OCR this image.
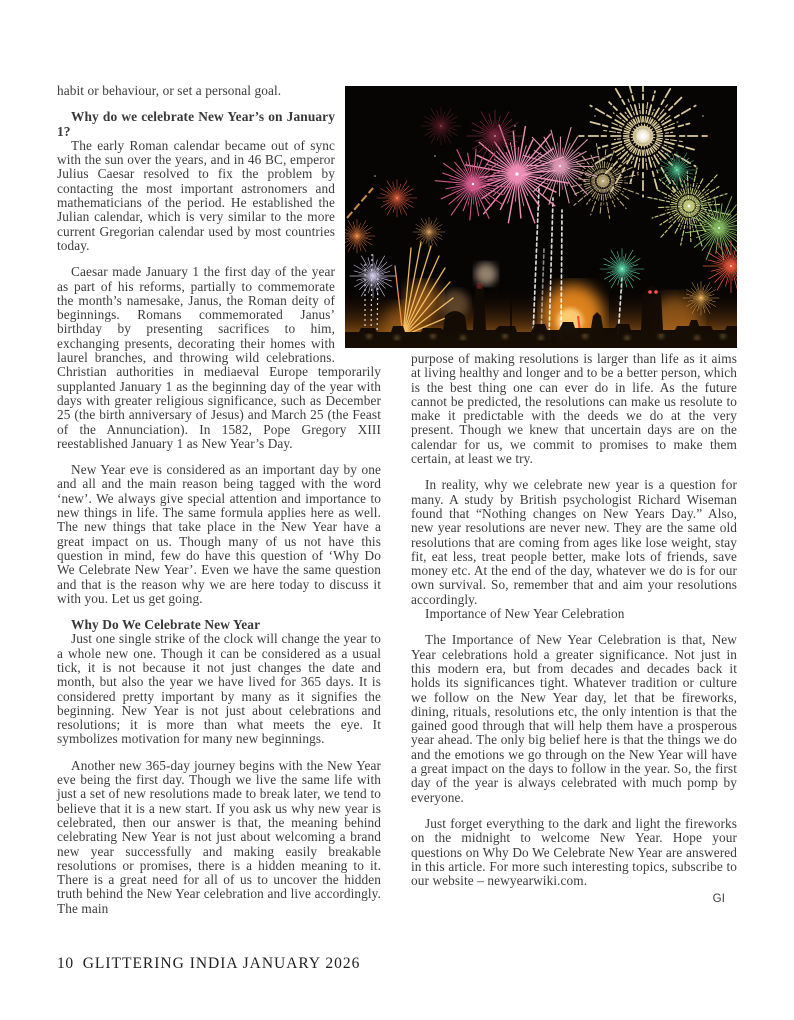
habit or behaviour, or set a personal goal.

Why do we celebrate New Year’s on January 1?

The early Roman calendar became out of sync with the sun over the years, and in 46 BC, emperor Julius Caesar resolved to fix the problem by contacting the most important astronomers and mathematicians of the period. He established the Julian calendar, which is very similar to the more current Gregorian calendar used by most countries today.

Caesar made January 1 the first day of the year as part of his reforms, partially to commemorate the month’s namesake, Janus, the Roman deity of beginnings. Romans commemorated Janus’ birthday by presenting sacrifices to him, exchanging presents, decorating their homes with laurel branches, and throwing wild celebrations. Christian authorities in mediaeval Europe temporarily supplanted January 1 as the beginning day of the year with days with greater religious significance, such as December 25 (the birth anniversary of Jesus) and March 25 (the Feast of the Annunciation). In 1582, Pope Gregory XIII reestablished January 1 as New Year’s Day.

New Year eve is considered as an important day by one and all and the main reason being tagged with the word ‘new’. We always give special attention and importance to new things in life. The same formula applies here as well. The new things that take place in the New Year have a great impact on us. Though many of us not have this question in mind, few do have this question of ‘Why Do We Celebrate New Year’. Even we have the same question and that is the reason why we are here today to discuss it with you. Let us get going.

Why Do We Celebrate New Year

Just one single strike of the clock will change the year to a whole new one. Though it can be considered as a usual tick, it is not because it not just changes the date and month, but also the year we have lived for 365 days. It is considered pretty important by many as it signifies the beginning. New Year is not just about celebrations and resolutions; it is more than what meets the eye. It symbolizes motivation for many new beginnings.

Another new 365-day journey begins with the New Year eve being the first day. Though we live the same life with just a set of new resolutions made to break later, we tend to believe that it is a new start. If you ask us why new year is celebrated, then our answer is that, the meaning behind celebrating New Year is not just about welcoming a brand new year successfully and making easily breakable resolutions or promises, there is a hidden meaning to it. There is a great need for all of us to uncover the hidden truth behind the New Year celebration and live accordingly. The main

purpose of making resolutions is larger than life as it aims at living healthy and longer and to be a better person, which is the best thing one can ever do in life. As the future cannot be predicted, the resolutions can make us resolute to make it predictable with the deeds we do at the very present. Though we knew that uncertain days are on the calendar for us, we commit to promises to make them certain, at least we try.

In reality, why we celebrate new year is a question for many. A study by British psychologist Richard Wiseman found that “Nothing changes on New Years Day.” Also, new year resolutions are never new. They are the same old resolutions that are coming from ages like lose weight, stay fit, eat less, treat people better, make lots of friends, save money etc. At the end of the day, whatever we do is for our own survival. So, remember that and aim your resolutions accordingly.

Importance of New Year Celebration

The Importance of New Year Celebration is that, New Year celebrations hold a greater significance. Not just in this modern era, but from decades and decades back it holds its significances tight. Whatever tradition or culture we follow on the New Year day, let that be fireworks, dining, rituals, resolutions etc, the only intention is that the gained good through that will help them have a prosperous year ahead. The only big belief here is that the things we do and the emotions we go through on the New Year will have a great impact on the days to follow in the year. So, the first day of the year is always celebrated with much pomp by everyone.

Just forget everything to the dark and light the fireworks on the midnight to welcome New Year. Hope your questions on Why Do We Celebrate New Year are answered in this article. For more such interesting topics, subscribe to our website – newyearwiki.com.

GI
10 GLITTERING INDIA JANUARY 2026
